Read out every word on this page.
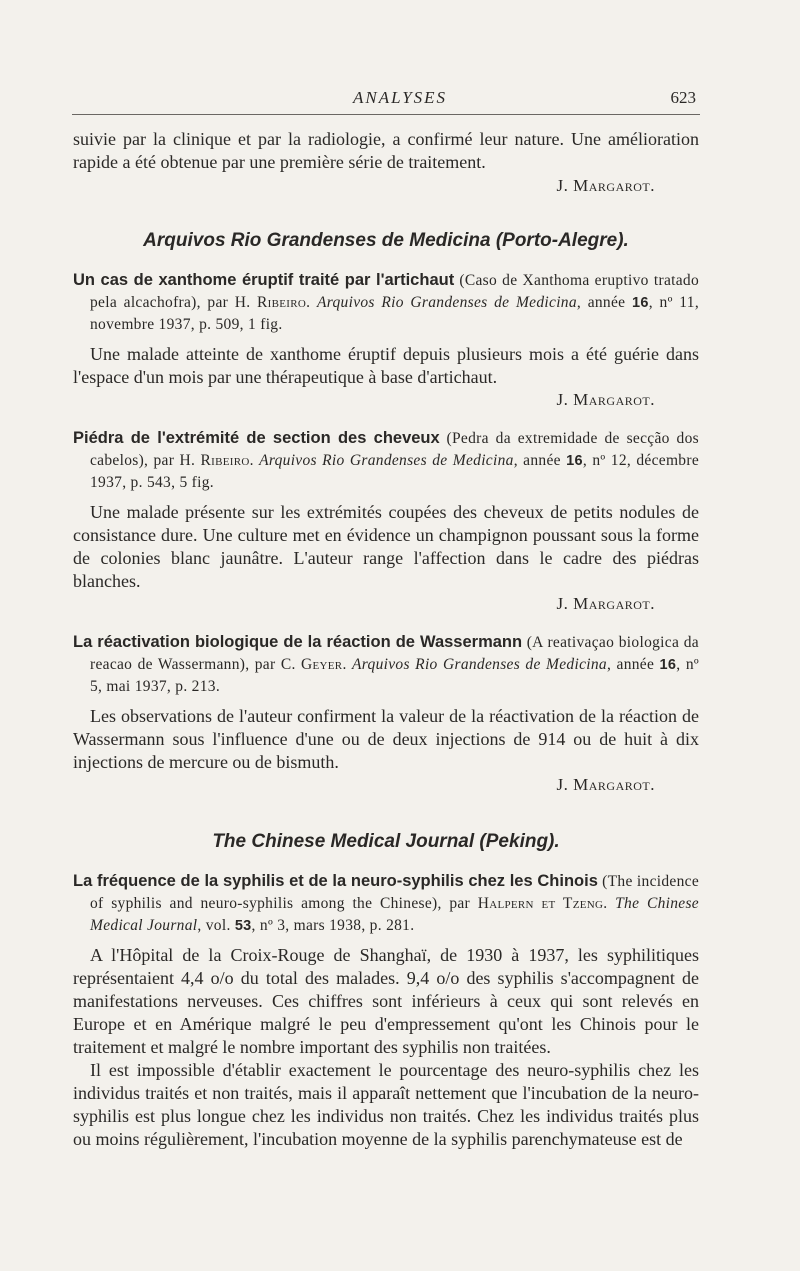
ANALYSES	623

suivie par la clinique et par la radiologie, a confirmé leur nature. Une amélioration rapide a été obtenue par une première série de traitement.

J. Margarot.

Arquivos Rio Grandenses de Medicina (Porto-Alegre).

Un cas de xanthome éruptif traité par l'artichaut (Caso de Xanthoma eruptivo tratado pela alcachofra), par H. Ribeiro. Arquivos Rio Grandenses de Medicina, année 16, nº 11, novembre 1937, p. 509, 1 fig.

Une malade atteinte de xanthome éruptif depuis plusieurs mois a été guérie dans l'espace d'un mois par une thérapeutique à base d'artichaut.

J. Margarot.

Piédra de l'extrémité de section des cheveux (Pedra da extremidade de secção dos cabelos), par H. Ribeiro. Arquivos Rio Grandenses de Medicina, année 16, nº 12, décembre 1937, p. 543, 5 fig.

Une malade présente sur les extrémités coupées des cheveux de petits nodules de consistance dure. Une culture met en évidence un champignon poussant sous la forme de colonies blanc jaunâtre. L'auteur range l'affection dans le cadre des piédras blanches.

J. Margarot.

La réactivation biologique de la réaction de Wassermann (A reativaçao biologica da reacao de Wassermann), par C. Geyer. Arquivos Rio Grandenses de Medicina, année 16, nº 5, mai 1937, p. 213.

Les observations de l'auteur confirment la valeur de la réactivation de la réaction de Wassermann sous l'influence d'une ou de deux injections de 914 ou de huit à dix injections de mercure ou de bismuth.

J. Margarot.

The Chinese Medical Journal (Peking).

La fréquence de la syphilis et de la neuro-syphilis chez les Chinois (The incidence of syphilis and neuro-syphilis among the Chinese), par Halpern et Tzeng. The Chinese Medical Journal, vol. 53, nº 3, mars 1938, p. 281.

A l'Hôpital de la Croix-Rouge de Shanghaï, de 1930 à 1937, les syphilitiques représentaient 4,4 o/o du total des malades. 9,4 o/o des syphilis s'accompagnent de manifestations nerveuses. Ces chiffres sont inférieurs à ceux qui sont relevés en Europe et en Amérique malgré le peu d'empressement qu'ont les Chinois pour le traitement et malgré le nombre important des syphilis non traitées.

Il est impossible d'établir exactement le pourcentage des neuro-syphilis chez les individus traités et non traités, mais il apparaît nettement que l'incubation de la neuro-syphilis est plus longue chez les individus non traités. Chez les individus traités plus ou moins régulièrement, l'incubation moyenne de la syphilis parenchymateuse est de
